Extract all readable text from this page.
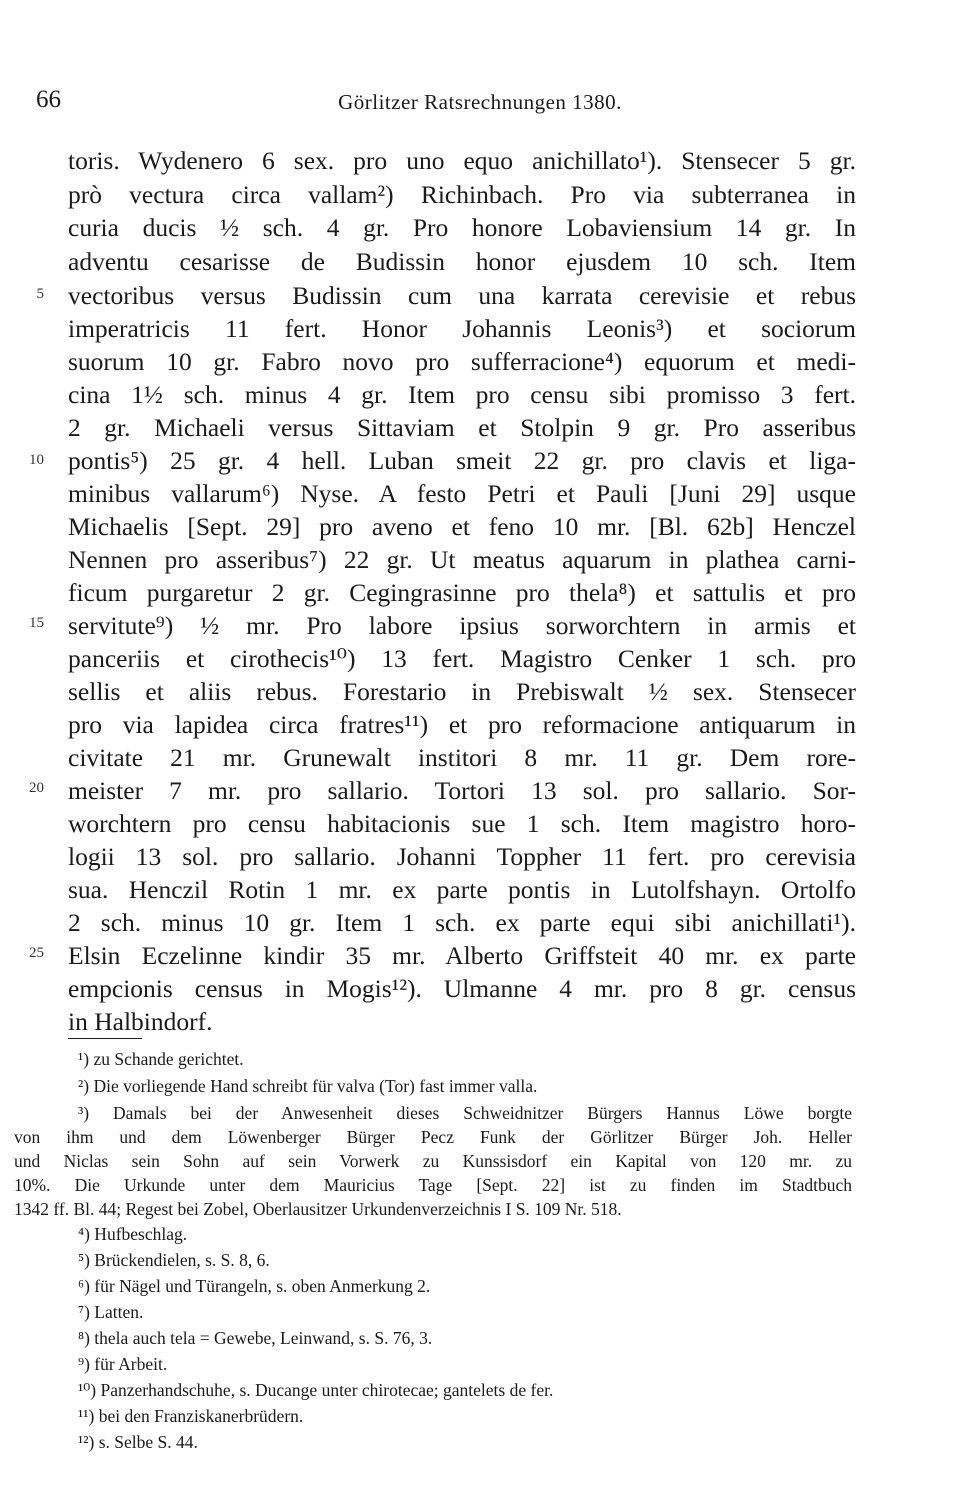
66	Görlitzer Ratsrechnungen 1380.
5
10
15
20
25
toris. Wydenero 6 sex. pro uno equo anichillato¹). Stensecer 5 gr.
prò vectura circa vallam²) Richinbach. Pro via subterranea in
curia ducis ½ sch. 4 gr. Pro honore Lobaviensium 14 gr. In
adventu cesarisse de Budissin honor ejusdem 10 sch. Item
vectoribus versus Budissin cum una karrata cerevisie et rebus
imperatricis 11 fert. Honor Johannis Leonis³) et sociorum
suorum 10 gr. Fabro novo pro sufferracione⁴) equorum et medi-
cina 1½ sch. minus 4 gr. Item pro censu sibi promisso 3 fert.
2 gr. Michaeli versus Sittaviam et Stolpin 9 gr. Pro asseribus
pontis⁵) 25 gr. 4 hell. Luban smeit 22 gr. pro clavis et liga-
minibus vallarum⁶) Nyse. A festo Petri et Pauli [Juni 29] usque
Michaelis [Sept. 29] pro aveno et feno 10 mr. [Bl. 62b] Henczel
Nennen pro asseribus⁷) 22 gr. Ut meatus aquarum in plathea carni-
ficum purgaretur 2 gr. Cegingrasinne pro thela⁸) et sattulis et pro
servitute⁹) ½ mr. Pro labore ipsius sorworchtern in armis et
panceriis et cirothecis¹⁰) 13 fert. Magistro Cenker 1 sch. pro
sellis et aliis rebus. Forestario in Prebiswalt ½ sex. Stensecer
pro via lapidea circa fratres¹¹) et pro reformacione antiquarum in
civitate 21 mr. Grunewalt institori 8 mr. 11 gr. Dem rore-
meister 7 mr. pro sallario. Tortori 13 sol. pro sallario. Sor-
worchtern pro censu habitacionis sue 1 sch. Item magistro horo-
logii 13 sol. pro sallario. Johanni Toppher 11 fert. pro cerevisia
sua. Henczil Rotin 1 mr. ex parte pontis in Lutolfshayn. Ortolfo
2 sch. minus 10 gr. Item 1 sch. ex parte equi sibi anichillati¹).
Elsin Eczelinne kindir 35 mr. Alberto Griffsteit 40 mr. ex parte
empcionis census in Mogis¹²). Ulmanne 4 mr. pro 8 gr. census
in Halbindorf.
¹) zu Schande gerichtet.
²) Die vorliegende Hand schreibt für valva (Tor) fast immer valla.
³) Damals bei der Anwesenheit dieses Schweidnitzer Bürgers Hannus Löwe borgte
von ihm und dem Löwenberger Bürger Pecz Funk der Görlitzer Bürger Joh. Heller
und Niclas sein Sohn auf sein Vorwerk zu Kunssisdorf ein Kapital von 120 mr. zu
10%. Die Urkunde unter dem Mauricius Tage [Sept. 22] ist zu finden im Stadtbuch
1342 ff. Bl. 44; Regest bei Zobel, Oberlausitzer Urkundenverzeichnis I S. 109 Nr. 518.
⁴) Hufbeschlag.
⁵) Brückendielen, s. S. 8, 6.
⁶) für Nägel und Türangeln, s. oben Anmerkung 2.
⁷) Latten.
⁸) thela auch tela = Gewebe, Leinwand, s. S. 76, 3.
⁹) für Arbeit.
¹⁰) Panzerhandschuhe, s. Ducange unter chirotecae; gantelets de fer.
¹¹) bei den Franziskanerbrüdern.
¹²) s. Selbe S. 44.
